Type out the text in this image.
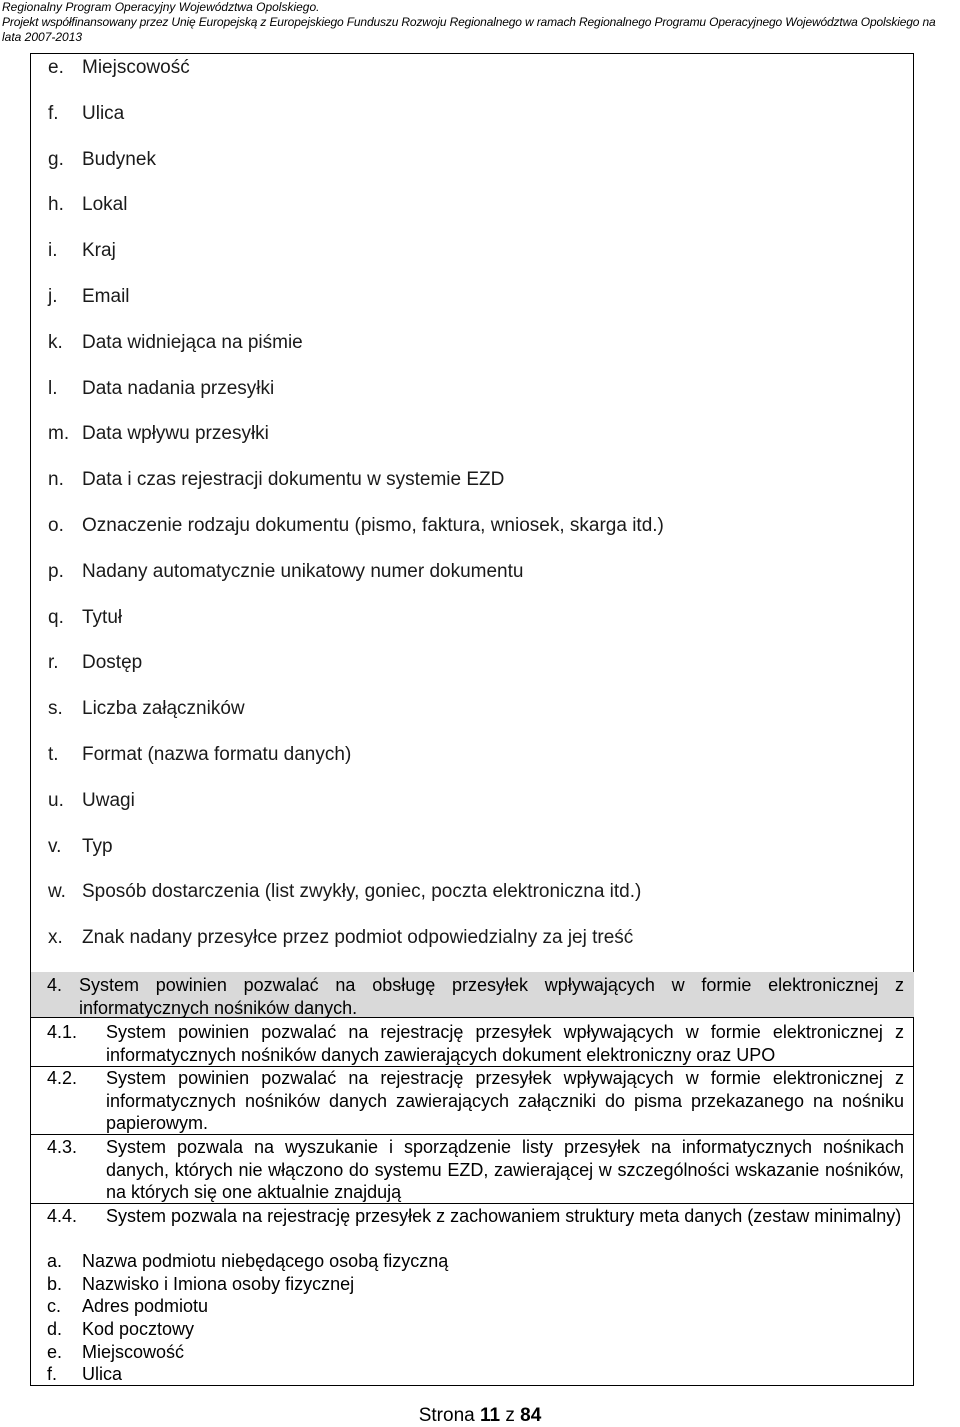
Regionalny Program Operacyjny Województwa Opolskiego.
Projekt współfinansowany przez Unię Europejską z Europejskiego Funduszu Rozwoju Regionalnego w ramach Regionalnego Programu Operacyjnego Województwa Opolskiego na
lata 2007-2013
e. Miejscowość
f. Ulica
g. Budynek
h. Lokal
i. Kraj
j. Email
k. Data widniejąca na piśmie
l. Data nadania przesyłki
m. Data wpływu przesyłki
n. Data i czas rejestracji dokumentu w systemie EZD
o. Oznaczenie rodzaju dokumentu (pismo, faktura, wniosek, skarga itd.)
p. Nadany automatycznie unikatowy numer dokumentu
q. Tytuł
r. Dostęp
s. Liczba załączników
t. Format (nazwa formatu danych)
u. Uwagi
v. Typ
w. Sposób dostarczenia (list zwykły, goniec, poczta elektroniczna itd.)
x. Znak nadany przesyłce przez podmiot odpowiedzialny za jej treść
4. System powinien pozwalać na obsługę przesyłek wpływających w formie elektronicznej z informatycznych nośników danych.
4.1.	System powinien pozwalać na rejestrację przesyłek wpływających w formie elektronicznej z informatycznych nośników danych zawierających dokument elektroniczny oraz UPO
4.2.	System powinien pozwalać na rejestrację przesyłek wpływających w formie elektronicznej z informatycznych nośników danych zawierających załączniki do pisma przekazanego na nośniku papierowym.
4.3.	System pozwala na wyszukanie i sporządzenie listy przesyłek na informatycznych nośnikach danych, których nie włączono do systemu EZD, zawierającej w szczególności wskazanie nośników, na których się one aktualnie znajdują
4.4.	System pozwala na rejestrację przesyłek z zachowaniem struktury meta danych (zestaw minimalny)
a. Nazwa podmiotu niebędącego osobą fizyczną
b. Nazwisko i Imiona osoby fizycznej
c. Adres podmiotu
d. Kod pocztowy
e. Miejscowość
f. Ulica
Strona 11 z 84
